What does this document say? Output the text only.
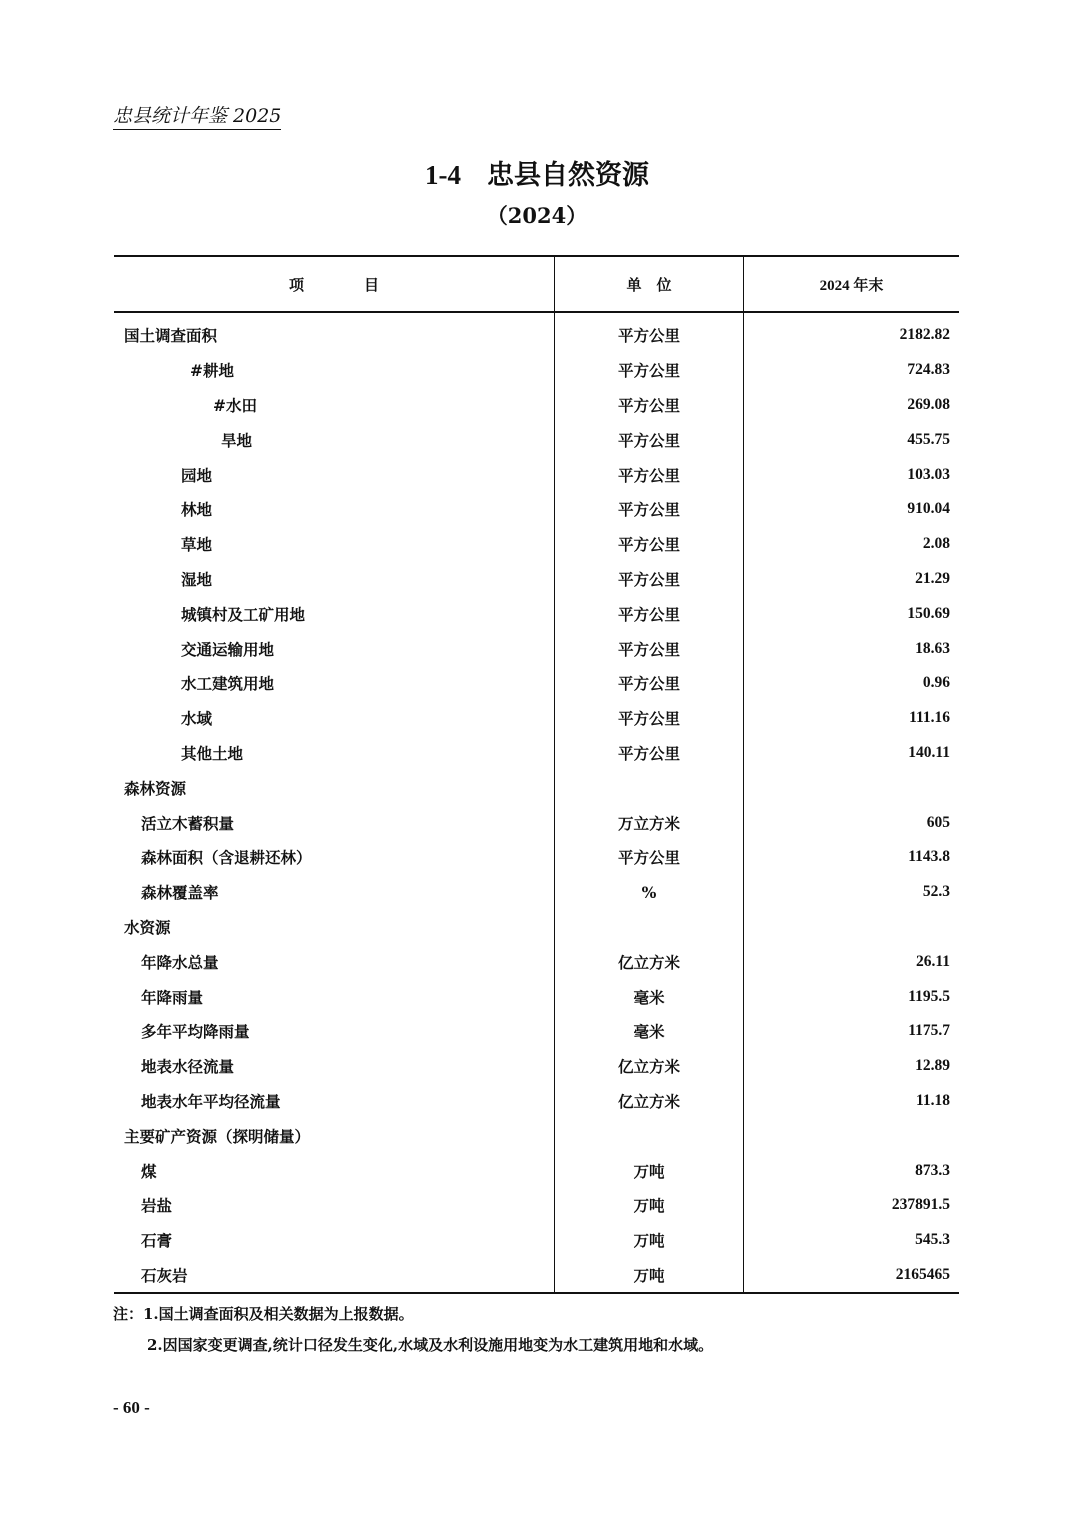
忠县统计年鉴 2025
1-4 忠县自然资源
（2024）
项　　　　目	单　位	2024 年末
国土调查面积	平方公里	2182.82
#耕地	平方公里	724.83
#水田	平方公里	269.08
旱地	平方公里	455.75
园地	平方公里	103.03
林地	平方公里	910.04
草地	平方公里	2.08
湿地	平方公里	21.29
城镇村及工矿用地	平方公里	150.69
交通运输用地	平方公里	18.63
水工建筑用地	平方公里	0.96
水域	平方公里	111.16
其他土地	平方公里	140.11
森林资源		
活立木蓄积量	万立方米	605
森林面积（含退耕还林）	平方公里	1143.8
森林覆盖率	%	52.3
水资源		
年降水总量	亿立方米	26.11
年降雨量	毫米	1195.5
多年平均降雨量	毫米	1175.7
地表水径流量	亿立方米	12.89
地表水年平均径流量	亿立方米	11.18
主要矿产资源（探明储量）		
煤	万吨	873.3
岩盐	万吨	237891.5
石膏	万吨	545.3
石灰岩	万吨	2165465
注：1.国土调查面积及相关数据为上报数据。
2.因国家变更调查,统计口径发生变化,水域及水利设施用地变为水工建筑用地和水域。
- 60 -
